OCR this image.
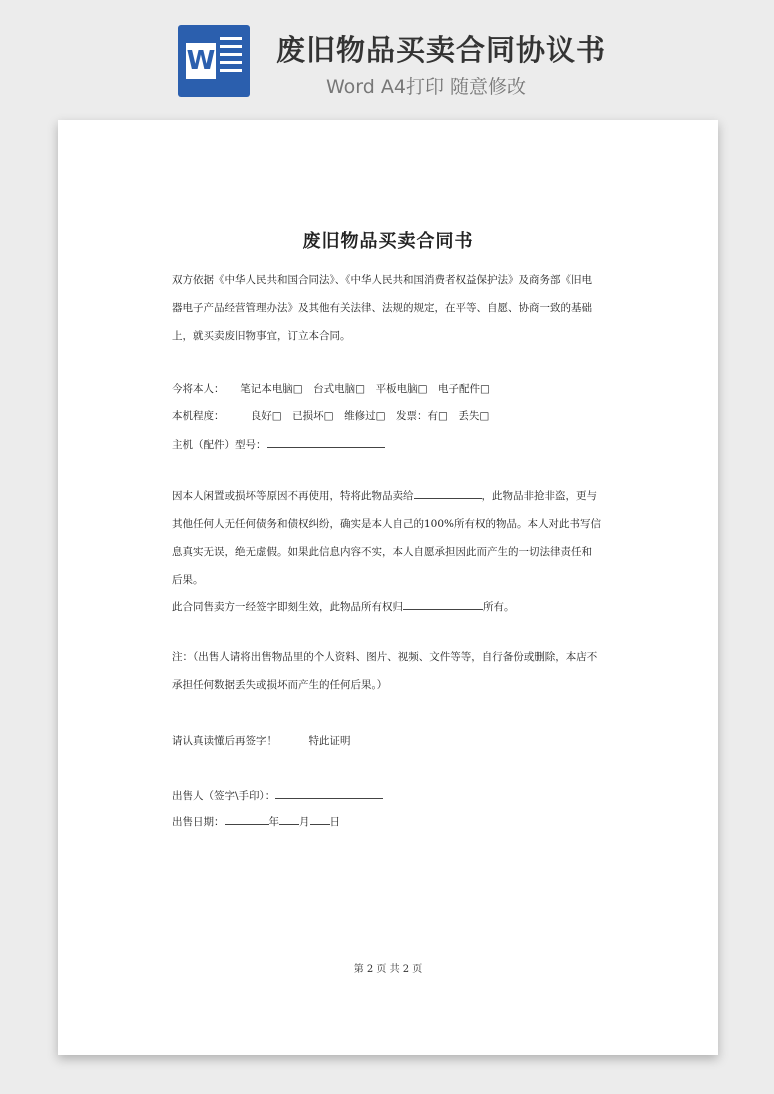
W 废旧物品买卖合同协议书
Word A4打印 随意修改

废旧物品买卖合同书
双方依据《中华人民共和国合同法》、《中华人民共和国消费者权益保护法》及商务部《旧电器电子产品经营管理办法》及其他有关法律、法规的规定，在平等、自愿、协商一致的基础上，就买卖废旧物事宜，订立本合同。
今将本人：　　笔记本电脑□　台式电脑□　平板电脑□　电子配件□
本机程度：　　　良好□　已损坏□　维修过□　发票：有□　丢失□
主机（配件）型号：
因本人闲置或损坏等原因不再使用，特将此物品卖给	，此物品非抢非盗，更与其他任何人无任何债务和债权纠纷，确实是本人自己的100%所有权的物品。本人对此书写信息真实无误，绝无虚假。如果此信息内容不实，本人自愿承担因此而产生的一切法律责任和后果。
此合同售卖方一经签字即刻生效，此物品所有权归	所有。
注：（出售人请将出售物品里的个人资料、图片、视频、文件等等，自行备份或删除，本店不承担任何数据丢失或损坏而产生的任何后果。）
请认真读懂后再签字！　　　特此证明
出售人（签字\手印）：
出售日期：	年 月 日
第 2 页 共 2 页
